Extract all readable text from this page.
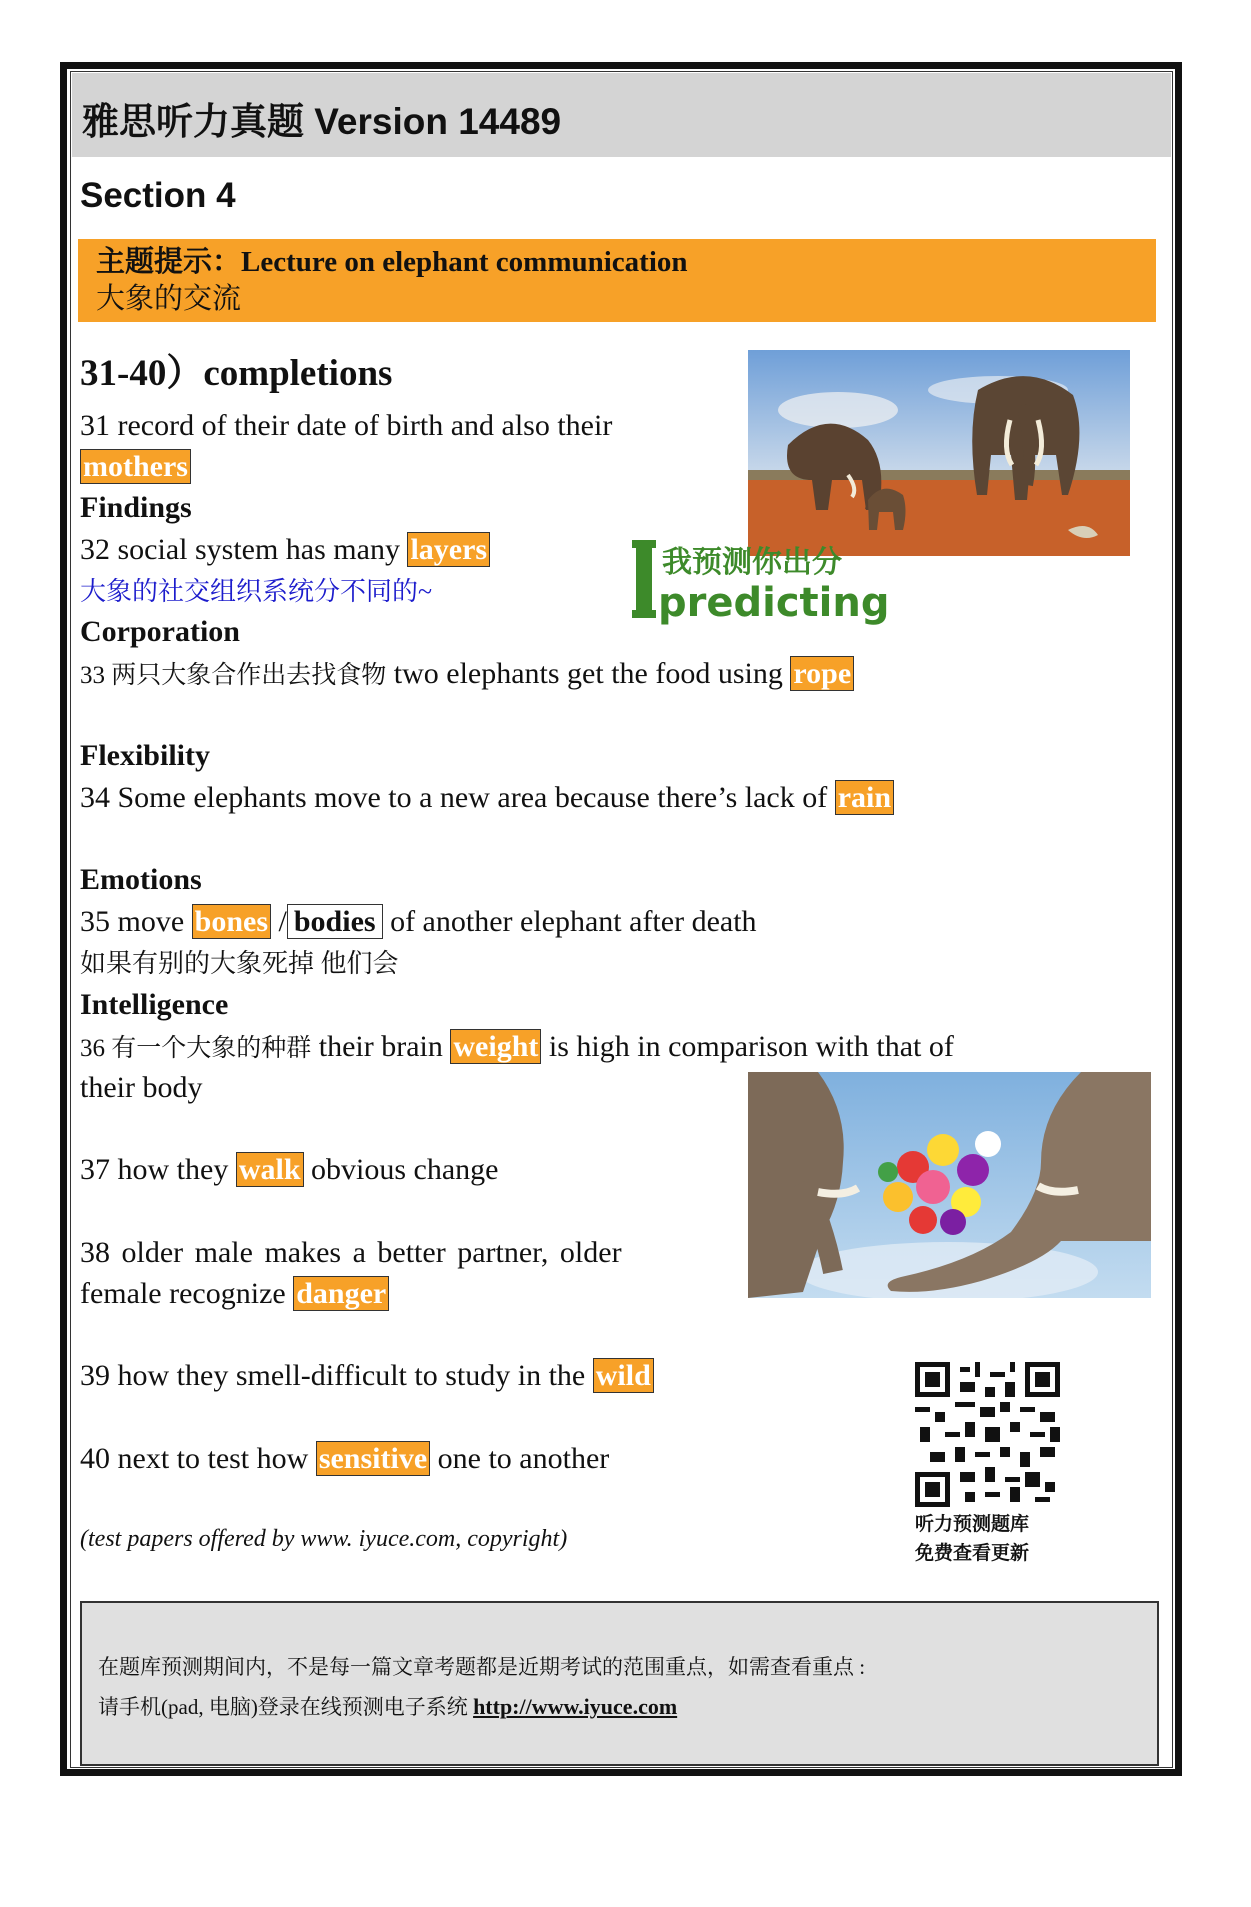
雅思听力真题 Version 14489
Section 4
主题提示：Lecture on elephant communication
大象的交流
31-40）completions
31 record of their date of birth and also their
mothers
Findings
32 social system has many layers
大象的社交组织系统分不同的~
我预测你出分
predicting
Corporation
33 两只大象合作出去找食物 two elephants get the food using rope
Flexibility
34 Some elephants move to a new area because there’s lack of rain
Emotions
35 move bones / bodies of another elephant after death
如果有别的大象死掉 他们会
Intelligence
36 有一个大象的种群 their brain weight is high in comparison with that of
their body
37 how they walk obvious change
38 older male makes a better partner, older
female recognize danger
39 how they smell-difficult to study in the wild
40 next to test how sensitive one to another
(test papers offered by www. iyuce.com, copyright)
听力预测题库
免费查看更新
在题库预测期间内，不是每一篇文章考题都是近期考试的范围重点，如需查看重点 :
请手机(pad, 电脑)登录在线预测电子系统 http://www.iyuce.com
